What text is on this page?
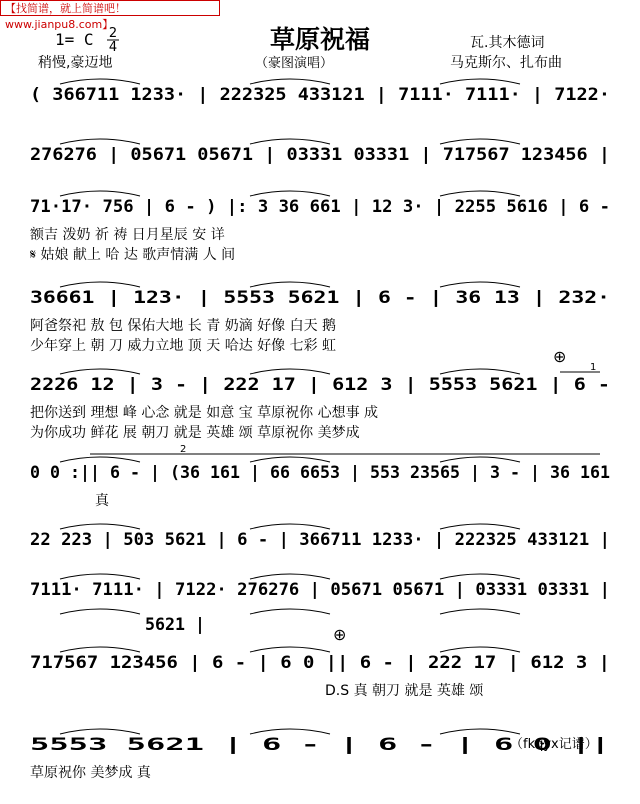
【找简谱，就上简谱吧！www.jianpu8.com】
草原祝福
1= C
稍慢,豪迈地	（豪图演唱）
瓦.其木德词
马克斯尔、扎布曲
2
4
( 366711 1233· | 222325 433121 | 7111· 7111· | 7122·
276276 | 05671 05671 | 03331 03331 | 717567 123456 |
71·17· 756 | 6 - ) |: 3 36 661 | 12 3· | 2255 5616 | 6 -
额吉 泼奶 祈 祷 日月星辰 安 详
𝄋 姑娘 献上 哈 达 歌声情满 人 间
36661 | 123· | 5553 5621 | 6 - | 36 13 | 232·
阿爸祭祀 敖 包 保佑大地 长 青 奶滴 好像 白天 鹅
少年穿上 朝 刀 威力立地 顶 天 哈达 好像 七彩 虹
2226 12 | 3 - | 222 17 | 612 3 | 5553 5621 | 6 -
把你送到 理想 峰 心念 就是 如意 宝 草原祝你 心想事 成
为你成功 鲜花 展 朝刀 就是 英雄 颂 草原祝你 美梦成
0 0 :|| 6 - | (36 161 | 66 6653 | 553 23565 | 3 - | 36 161
真
22 223 | 503 5621 | 6 - | 366711 1233· | 222325 433121 |
7111· 7111· | 7122· 276276 | 05671 05671 | 03331 03331 |
5621 |
717567 123456 | 6 - | 6 0 || 6 - | 222 17 | 612 3 |
D.S 真 朝刀 就是 英雄 颂
5553 5621 | 6 - | 6 - | 6 0 ||
草原祝你 美梦成 真
（fkqyx记谱）
⊕
⊕
1
2
